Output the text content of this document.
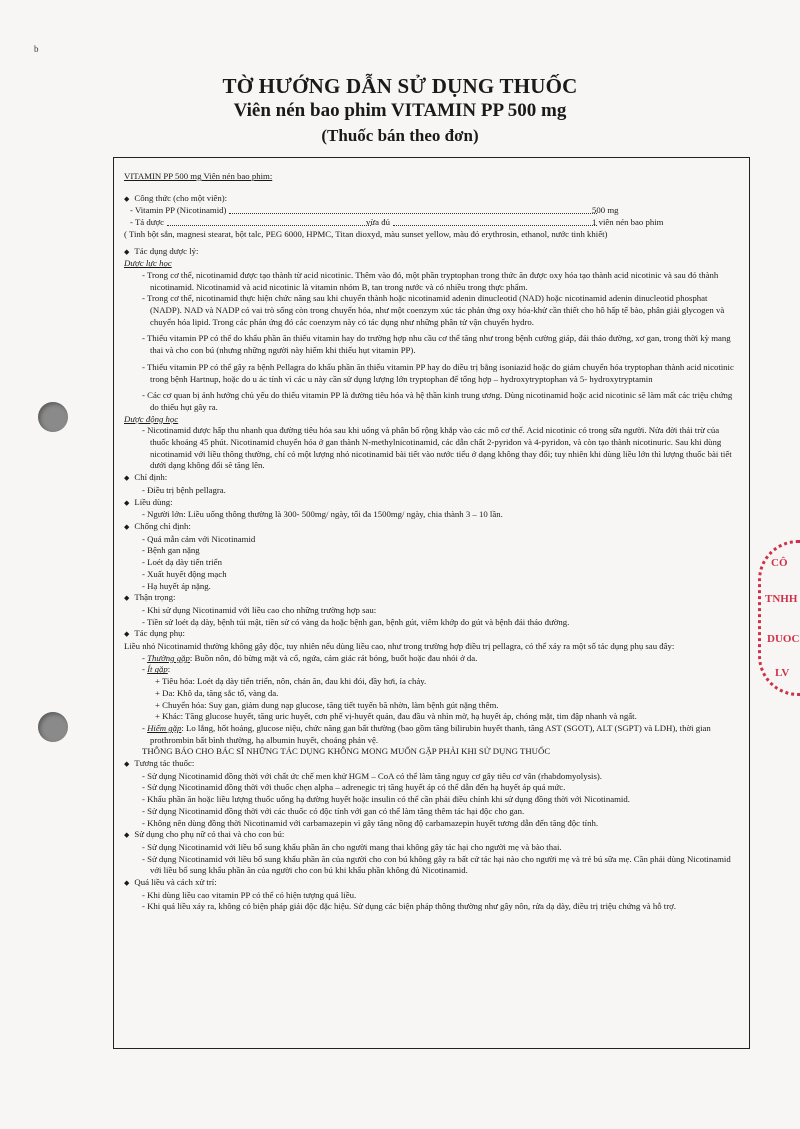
b
CÔ
TNHH
DUOC
LV
TỜ HƯỚNG DẪN SỬ DỤNG THUỐC
Viên nén bao phim VITAMIN PP 500 mg
(Thuốc bán theo đơn)

VITAMIN PP 500 mg Viên nén bao phim:

◆ Công thức (cho một viên):

- Vitamin PP (Nicotinamid)	500 mg
- Tá dược	vừa đủ	1 viên nén bao phim

( Tinh bột sắn, magnesi stearat, bột talc, PEG 6000, HPMC, Titan dioxyd, màu sunset yellow, màu đỏ erythrosin, ethanol, nước tinh khiết)

◆ Tác dụng dược lý:

Dược lực học

- Trong cơ thể, nicotinamid được tạo thành từ acid nicotinic. Thêm vào đó, một phần tryptophan trong thức ăn được oxy hóa tạo thành acid nicotinic và sau đó thành nicotinamid. Nicotinamid và acid nicotinic là vitamin nhóm B, tan trong nước và có nhiều trong thực phẩm.

- Trong cơ thể, nicotinamid thực hiện chức năng sau khi chuyển thành hoặc nicotinamid adenin dinucleotid (NAD) hoặc nicotinamid adenin dinucleotid phosphat (NADP). NAD và NADP có vai trò sống còn trong chuyển hóa, như một coenzym xúc tác phản ứng oxy hóa-khử cần thiết cho hô hấp tế bào, phân giải glycogen và chuyển hóa lipid. Trong các phản ứng đó các coenzym này có tác dụng như những phân tử vận chuyển hydro.

- Thiếu vitamin PP có thể do khẩu phần ăn thiếu vitamin hay do trường hợp nhu cầu cơ thể tăng như trong bệnh cường giáp, đái tháo đường, xơ gan, trong thời kỳ mang thai và cho con bú (nhưng những người này hiếm khi thiếu hụt vitamin PP).

- Thiếu vitamin PP có thể gây ra bệnh Pellagra do khẩu phần ăn thiếu vitamin PP hay do điều trị bằng isoniazid hoặc do giảm chuyển hóa tryptophan thành acid nicotinic trong bệnh Hartnup, hoặc do u ác tính vì các u này cần sử dụng lượng lớn tryptophan để tổng hợp – hydroxytryptophan và 5- hydroxytryptamin

- Các cơ quan bị ảnh hưởng chủ yếu do thiếu vitamin PP là đường tiêu hóa và hệ thần kinh trung ương. Dùng nicotinamid hoặc acid nicotinic sẽ làm mất các triệu chứng do thiếu hụt gây ra.

Dược động học

- Nicotinamid được hấp thu nhanh qua đường tiêu hóa sau khi uống và phân bố rộng khắp vào các mô cơ thể. Acid nicotinic có trong sữa người. Nửa đời thải trừ của thuốc khoảng 45 phút. Nicotinamid chuyển hóa ở gan thành N-methylnicotinamid, các dẫn chất 2-pyridon và 4-pyridon, và còn tạo thành nicotinuric. Sau khi dùng nicotinamid với liều thông thường, chỉ có một lượng nhỏ nicotinamid bài tiết vào nước tiểu ở dạng không thay đổi; tuy nhiên khi dùng liều lớn thì lượng thuốc bài tiết dưới dạng không đổi sẽ tăng lên.

◆ Chỉ định:

- Điều trị bệnh pellagra.

◆ Liều dùng:

- Người lớn: Liều uống thông thường là 300- 500mg/ ngày, tối đa 1500mg/ ngày, chia thành 3 – 10 lần.

◆ Chống chỉ định:

- Quá mẫn cảm với Nicotinamid

- Bệnh gan nặng

- Loét dạ dày tiến triển

- Xuất huyết động mạch

- Hạ huyết áp nặng.

◆ Thận trọng:

- Khi sử dụng Nicotinamid với liều cao cho những trường hợp sau:

- Tiền sử loét dạ dày, bệnh túi mật, tiền sử có vàng da hoặc bệnh gan, bệnh gút, viêm khớp do gút và bệnh đái tháo đường.

◆ Tác dụng phụ:

Liều nhỏ Nicotinamid thường không gây độc, tuy nhiên nếu dùng liều cao, như trong trường hợp điều trị pellagra, có thể xảy ra một số tác dụng phụ sau đây:

- Thường gặp: Buồn nôn, đỏ bừng mặt và cổ, ngứa, cảm giác rát bỏng, buốt hoặc đau nhói ở da.

- Ít gặp:

+ Tiêu hóa: Loét dạ dày tiến triển, nôn, chán ăn, đau khi đói, đầy hơi, ỉa chảy.

+ Da: Khô da, tăng sắc tố, vàng da.

+ Chuyển hóa: Suy gan, giảm dung nạp glucose, tăng tiết tuyến bã nhờn, làm bệnh gút nặng thêm.

+ Khác: Tăng glucose huyết, tăng uric huyết, cơn phế vị-huyết quản, đau đầu và nhìn mờ, hạ huyết áp, chóng mặt, tim đập nhanh và ngất.

- Hiếm gặp: Lo lắng, hốt hoảng, glucose niệu, chức năng gan bất thường (bao gồm tăng bilirubin huyết thanh, tăng AST (SGOT), ALT (SGPT) và LDH), thời gian prothrombin bất bình thường, hạ albumin huyết, choáng phản vệ.

THÔNG BÁO CHO BÁC SĨ NHỮNG TÁC DỤNG KHÔNG MONG MUỐN GẶP PHẢI KHI SỬ DỤNG THUỐC

◆ Tương tác thuốc:

- Sử dụng Nicotinamid đồng thời với chất ức chế men khử HGM – CoA có thể làm tăng nguy cơ gây tiêu cơ vân (rhabdomyolysis).

- Sử dụng Nicotinamid đồng thời với thuốc chẹn alpha – adrenegic trị tăng huyết áp có thể dẫn đến hạ huyết áp quá mức.

- Khẩu phần ăn hoặc liều lượng thuốc uống hạ đường huyết hoặc insulin có thể cần phải điều chỉnh khi sử dụng đồng thời với Nicotinamid.

- Sử dụng Nicotinamid đồng thời với các thuốc có độc tính với gan có thể làm tăng thêm tác hại độc cho gan.

- Không nên dùng đồng thời Nicotinamid với carbamazepin vì gây tăng nồng độ carbamazepin huyết tương dẫn đến tăng độc tính.

◆ Sử dụng cho phụ nữ có thai và cho con bú:

- Sử dụng Nicotinamid với liều bổ sung khẩu phần ăn cho người mang thai không gây tác hại cho người mẹ và bào thai.

- Sử dụng Nicotinamid với liều bổ sung khẩu phần ăn của người cho con bú không gây ra bất cứ tác hại nào cho người mẹ và trẻ bú sữa mẹ. Cần phải dùng Nicotinamid với liều bổ sung khẩu phần ăn của người cho con bú khi khẩu phần không đủ Nicotinamid.

◆ Quá liều và cách xử trí:

- Khi dùng liều cao vitamin PP có thể có hiện tượng quá liều.

- Khi quá liều xảy ra, không có biện pháp giải độc đặc hiệu. Sử dụng các biện pháp thông thường như gây nôn, rửa dạ dày, điều trị triệu chứng và hỗ trợ.
